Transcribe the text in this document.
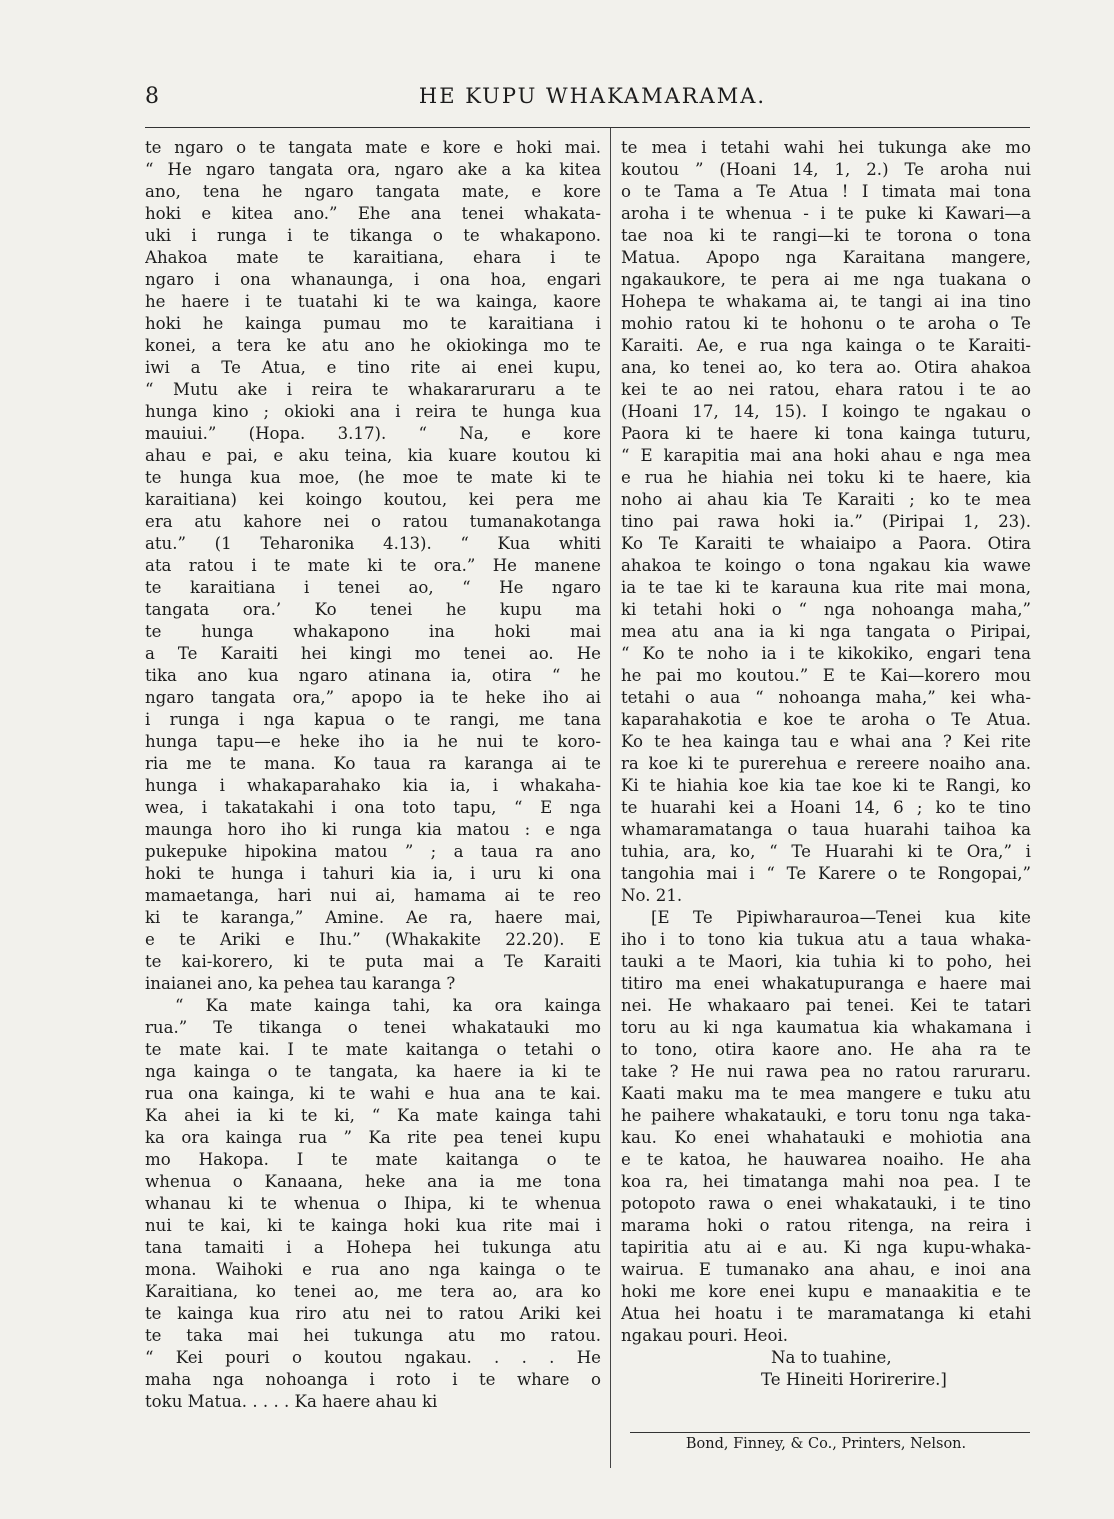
8	HE KUPU WHAKAMARAMA.
te ngaro o te tangata mate e kore e hoki mai.
“ He ngaro tangata ora, ngaro ake a ka kitea
ano, tena he ngaro tangata mate, e kore
hoki e kitea ano.” Ehe ana tenei whakata-
uki i runga i te tikanga o te whakapono.
Ahakoa mate te karaitiana, ehara i te
ngaro i ona whanaunga, i ona hoa, engari
he haere i te tuatahi ki te wa kainga, kaore
hoki he kainga pumau mo te karaitiana i
konei, a tera ke atu ano he okiokinga mo te
iwi a Te Atua, e tino rite ai enei kupu,
“ Mutu ake i reira te whakararuraru a te
hunga kino ; okioki ana i reira te hunga kua
mauiui.” (Hopa. 3.17). “ Na, e kore
ahau e pai, e aku teina, kia kuare koutou ki
te hunga kua moe, (he moe te mate ki te
karaitiana) kei koingo koutou, kei pera me
era atu kahore nei o ratou tumanakotanga
atu.” (1 Teharonika 4.13). “ Kua whiti
ata ratou i te mate ki te ora.” He manene
te karaitiana i tenei ao, “ He ngaro
tangata ora.’ Ko tenei he kupu ma
te hunga whakapono ina hoki mai
a Te Karaiti hei kingi mo tenei ao. He
tika ano kua ngaro atinana ia, otira “ he
ngaro tangata ora,” apopo ia te heke iho ai
i runga i nga kapua o te rangi, me tana
hunga tapu—e heke iho ia he nui te koro-
ria me te mana. Ko taua ra karanga ai te
hunga i whakaparahako kia ia, i whakaha-
wea, i takatakahi i ona toto tapu, “ E nga
maunga horo iho ki runga kia matou : e nga
pukepuke hipokina matou ” ; a taua ra ano
hoki te hunga i tahuri kia ia, i uru ki ona
mamaetanga, hari nui ai, hamama ai te reo
ki te karanga,” Amine. Ae ra, haere mai,
e te Ariki e Ihu.” (Whakakite 22.20). E
te kai-korero, ki te puta mai a Te Karaiti
inaianei ano, ka pehea tau karanga ?
“ Ka mate kainga tahi, ka ora kainga
rua.” Te tikanga o tenei whakatauki mo
te mate kai. I te mate kaitanga o tetahi o
nga kainga o te tangata, ka haere ia ki te
rua ona kainga, ki te wahi e hua ana te kai.
Ka ahei ia ki te ki, “ Ka mate kainga tahi
ka ora kainga rua ” Ka rite pea tenei kupu
mo Hakopa. I te mate kaitanga o te
whenua o Kanaana, heke ana ia me tona
whanau ki te whenua o Ihipa, ki te whenua
nui te kai, ki te kainga hoki kua rite mai i
tana tamaiti i a Hohepa hei tukunga atu
mona. Waihoki e rua ano nga kainga o te
Karaitiana, ko tenei ao, me tera ao, ara ko
te kainga kua riro atu nei to ratou Ariki kei
te taka mai hei tukunga atu mo ratou.
“ Kei pouri o koutou ngakau. . . . He
maha nga nohoanga i roto i te whare o
toku Matua. . . . . Ka haere ahau ki
te mea i tetahi wahi hei tukunga ake mo
koutou ” (Hoani 14, 1, 2.) Te aroha nui
o te Tama a Te Atua ! I timata mai tona
aroha i te whenua - i te puke ki Kawari—a
tae noa ki te rangi—ki te torona o tona
Matua. Apopo nga Karaitana mangere,
ngakaukore, te pera ai me nga tuakana o
Hohepa te whakama ai, te tangi ai ina tino
mohio ratou ki te hohonu o te aroha o Te
Karaiti. Ae, e rua nga kainga o te Karaiti-
ana, ko tenei ao, ko tera ao. Otira ahakoa
kei te ao nei ratou, ehara ratou i te ao
(Hoani 17, 14, 15). I koingo te ngakau o
Paora ki te haere ki tona kainga tuturu,
“ E karapitia mai ana hoki ahau e nga mea
e rua he hiahia nei toku ki te haere, kia
noho ai ahau kia Te Karaiti ; ko te mea
tino pai rawa hoki ia.” (Piripai 1, 23).
Ko Te Karaiti te whaiaipo a Paora. Otira
ahakoa te koingo o tona ngakau kia wawe
ia te tae ki te karauna kua rite mai mona,
ki tetahi hoki o “ nga nohoanga maha,”
mea atu ana ia ki nga tangata o Piripai,
“ Ko te noho ia i te kikokiko, engari tena
he pai mo koutou.” E te Kai—korero mou
tetahi o aua “ nohoanga maha,” kei wha-
kaparahakotia e koe te aroha o Te Atua.
Ko te hea kainga tau e whai ana ? Kei rite
ra koe ki te purerehua e rereere noaiho ana.
Ki te hiahia koe kia tae koe ki te Rangi, ko
te huarahi kei a Hoani 14, 6 ; ko te tino
whamaramatanga o taua huarahi taihoa ka
tuhia, ara, ko, “ Te Huarahi ki te Ora,” i
tangohia mai i “ Te Karere o te Rongopai,”
No. 21.
[E Te Pipiwharauroa—Tenei kua kite
iho i to tono kia tukua atu a taua whaka-
tauki a te Maori, kia tuhia ki to poho, hei
titiro ma enei whakatupuranga e haere mai
nei. He whakaaro pai tenei. Kei te tatari
toru au ki nga kaumatua kia whakamana i
to tono, otira kaore ano. He aha ra te
take ? He nui rawa pea no ratou raruraru.
Kaati maku ma te mea mangere e tuku atu
he paihere whakatauki, e toru tonu nga taka-
kau. Ko enei whahatauki e mohiotia ana
e te katoa, he hauwarea noaiho. He aha
koa ra, hei timatanga mahi noa pea. I te
potopoto rawa o enei whakatauki, i te tino
marama hoki o ratou ritenga, na reira i
tapiritia atu ai e au. Ki nga kupu-whaka-
wairua. E tumanako ana ahau, e inoi ana
hoki me kore enei kupu e manaakitia e te
Atua hei hoatu i te maramatanga ki etahi
ngakau pouri. Heoi.
Na to tuahine,
Te Hineiti Horirerire.]
Bond, Finney, & Co., Printers, Nelson.
